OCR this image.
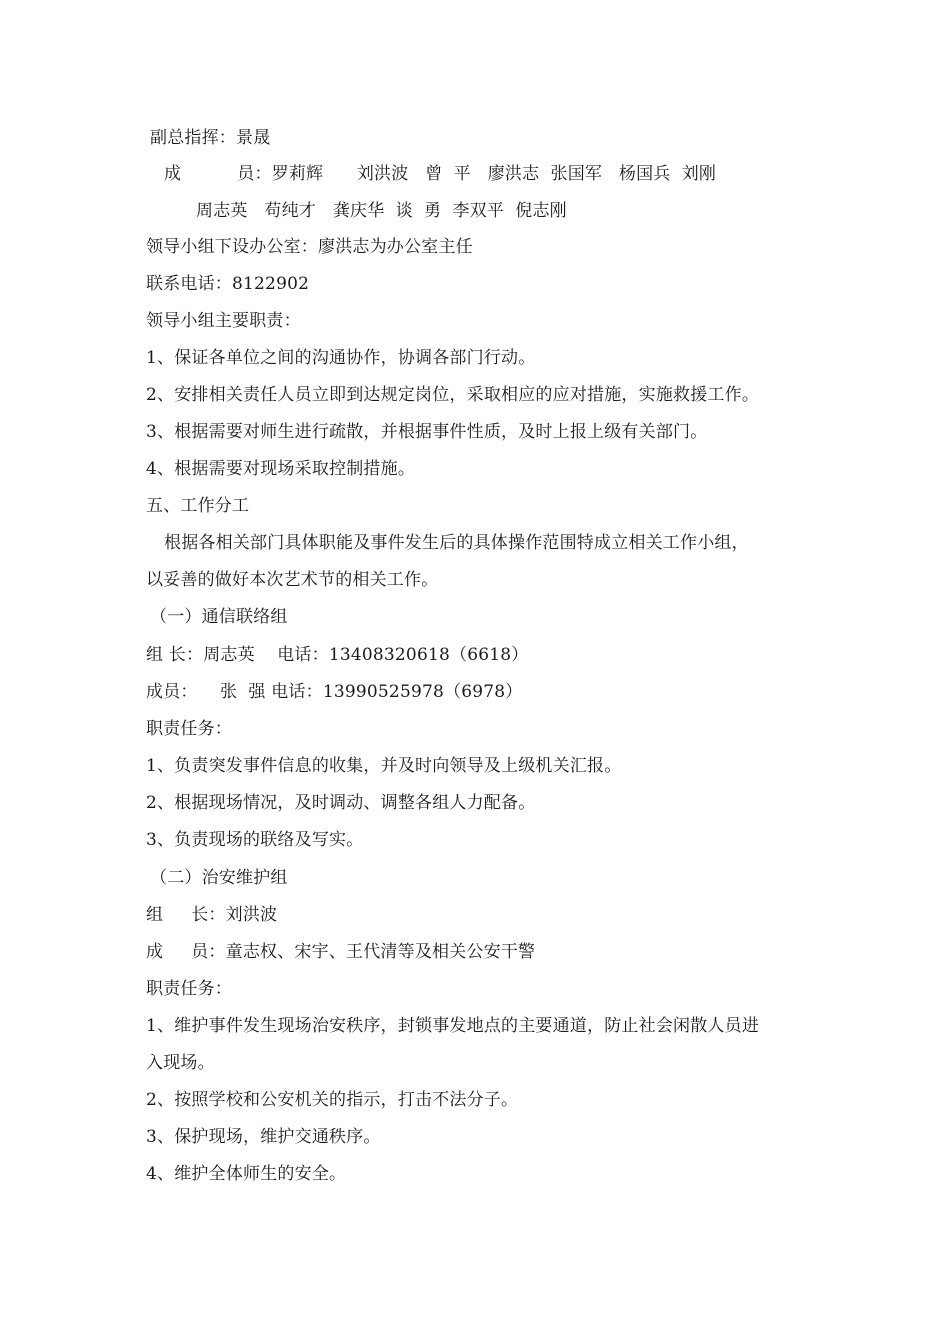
副总指挥：景晟
成          员：罗莉辉      刘洪波   曾  平   廖洪志  张国军   杨国兵  刘刚
周志英   苟纯才   龚庆华  谈  勇  李双平  倪志刚
领导小组下设办公室：廖洪志为办公室主任
联系电话：8122902
领导小组主要职责：
1、保证各单位之间的沟通协作，协调各部门行动。
2、安排相关责任人员立即到达规定岗位，采取相应的应对措施，实施救援工作。
3、根据需要对师生进行疏散，并根据事件性质，及时上报上级有关部门。
4、根据需要对现场采取控制措施。
五、工作分工
根据各相关部门具体职能及事件发生后的具体操作范围特成立相关工作小组，
以妥善的做好本次艺术节的相关工作。
（一）通信联络组
组 长：周志英    电话：13408320618（6618）
成员：    张  强 电话：13990525978（6978）
职责任务：
1、负责突发事件信息的收集，并及时向领导及上级机关汇报。
2、根据现场情况，及时调动、调整各组人力配备。
3、负责现场的联络及写实。
（二）治安维护组
组     长：刘洪波
成     员：童志权、宋宇、王代清等及相关公安干警
职责任务：
1、维护事件发生现场治安秩序，封锁事发地点的主要通道，防止社会闲散人员进
入现场。
2、按照学校和公安机关的指示，打击不法分子。
3、保护现场，维护交通秩序。
4、维护全体师生的安全。
